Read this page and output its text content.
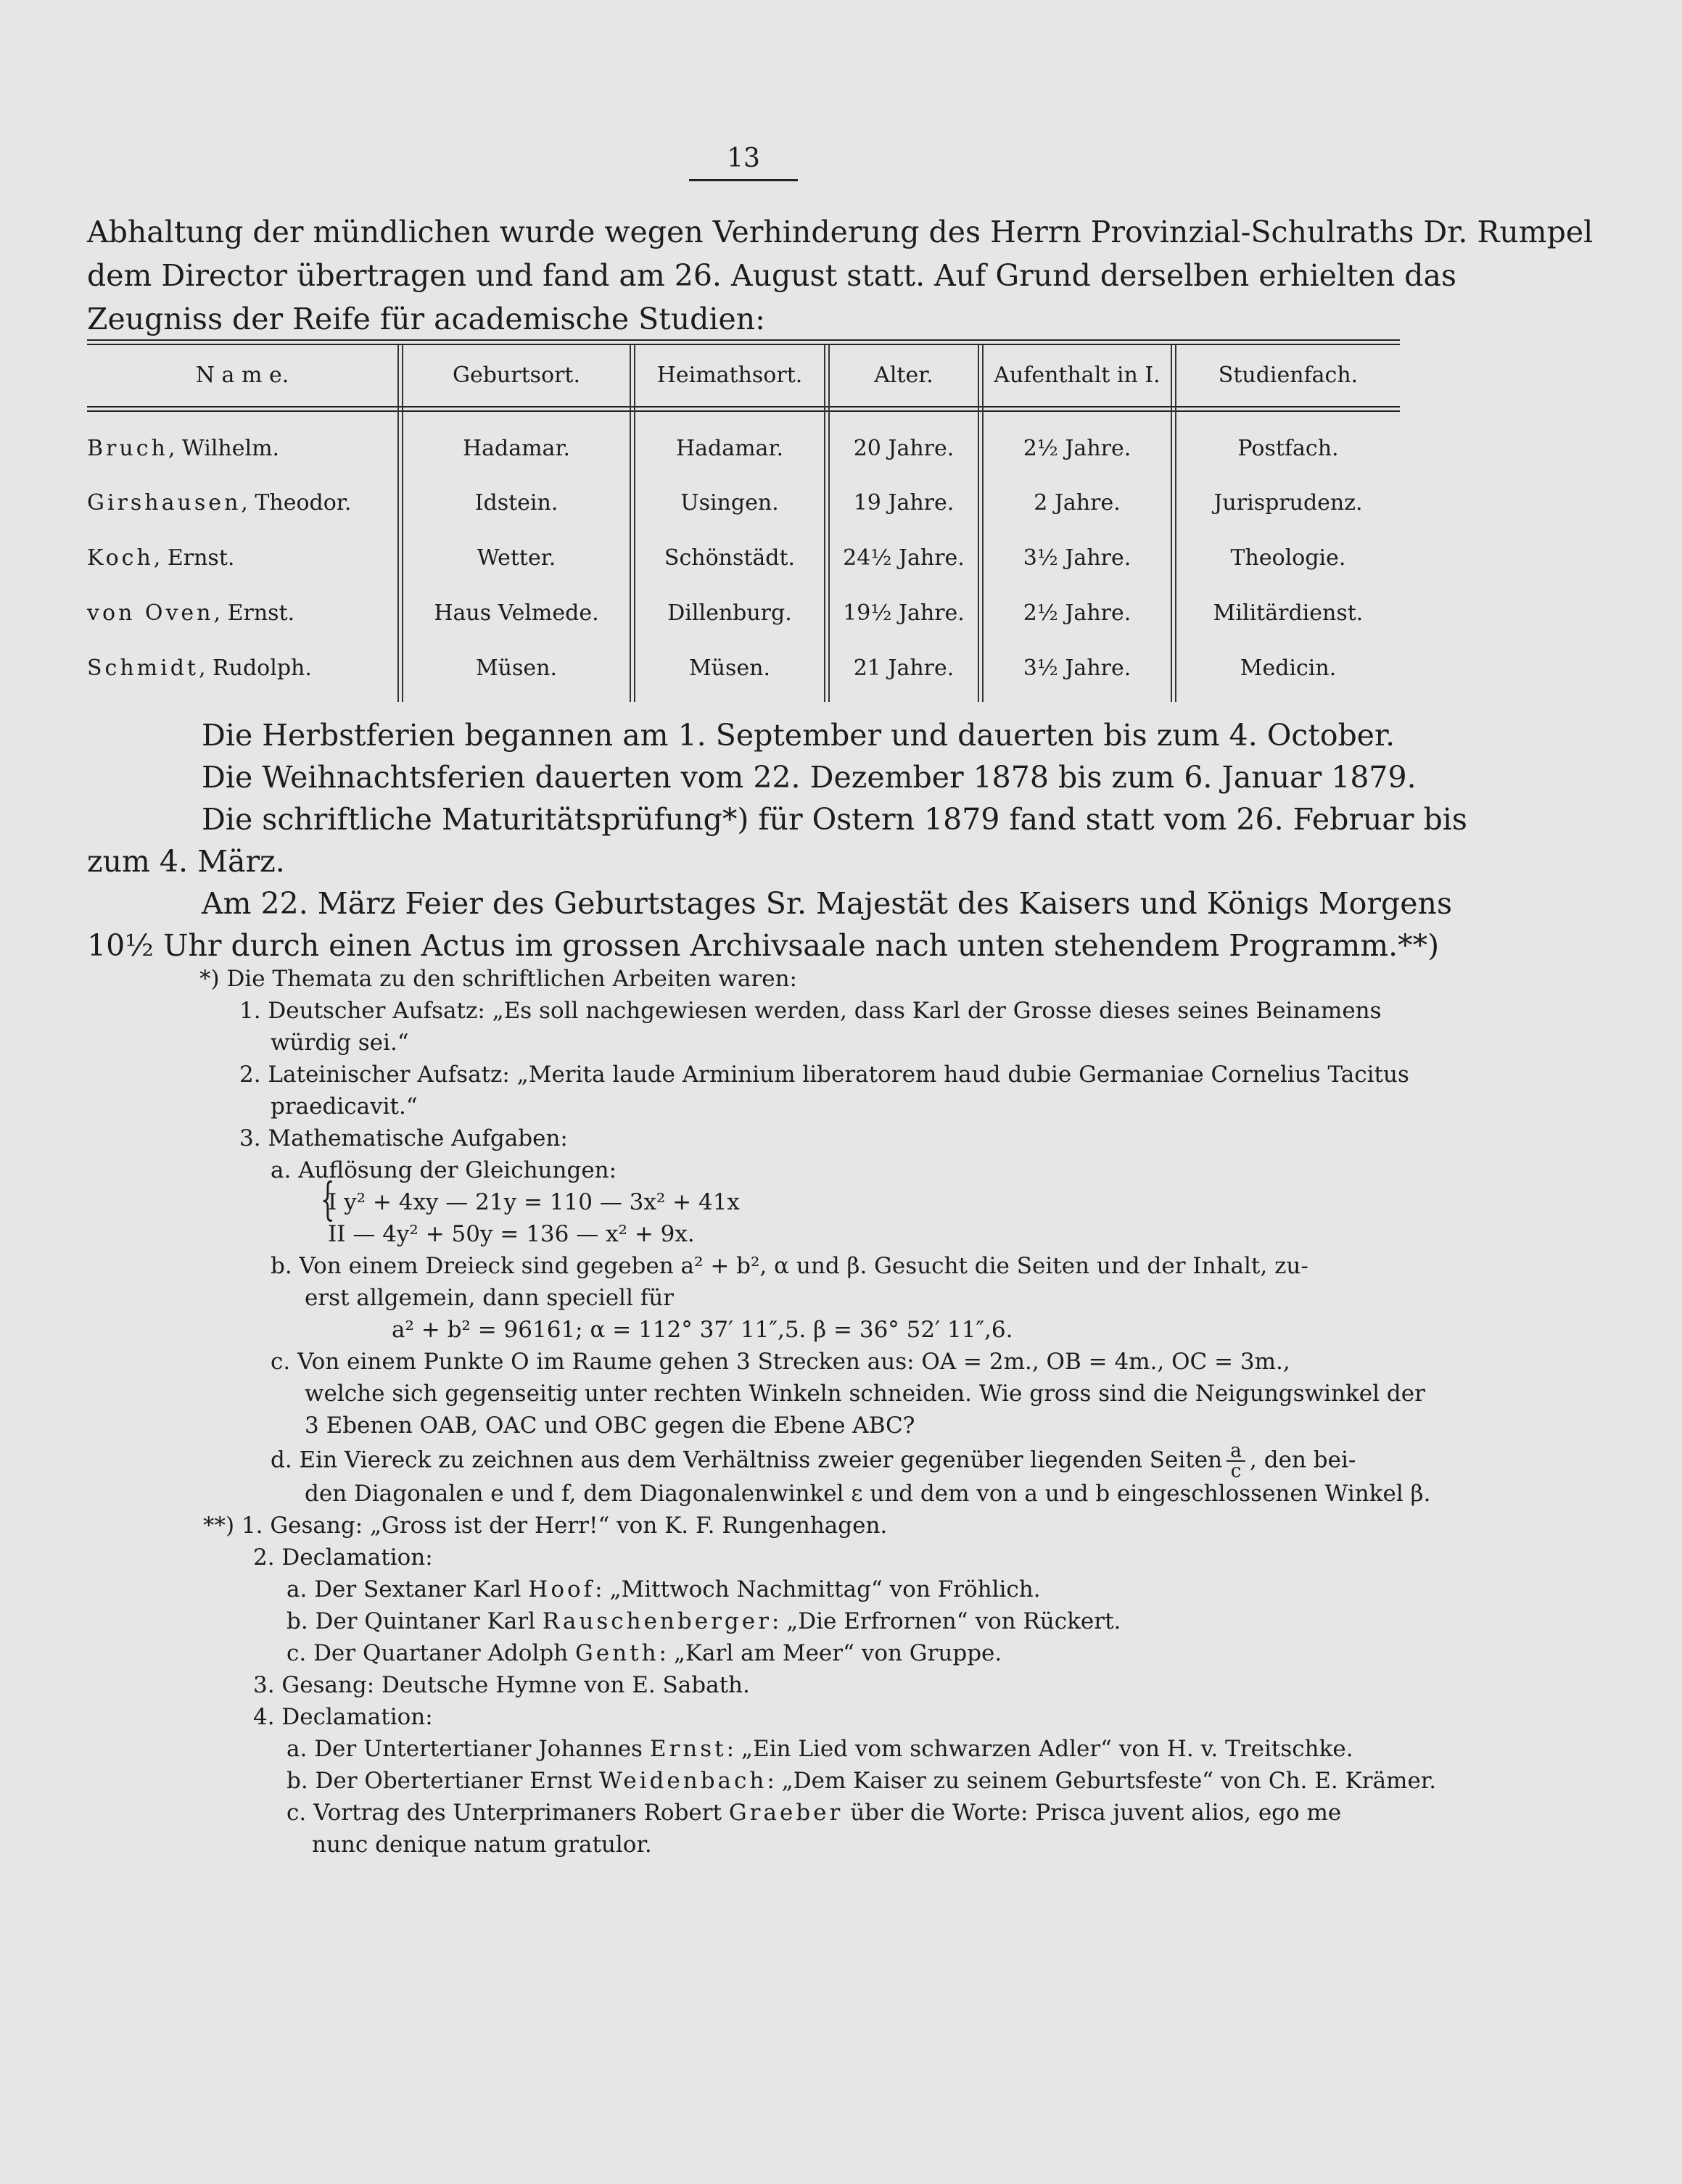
13
Abhaltung der mündlichen wurde wegen Verhinderung des Herrn Provinzial-Schulraths Dr. Rumpel
dem Director übertragen und fand am 26. August statt. Auf Grund derselben erhielten das
Zeugniss der Reife für academische Studien:
N a m e.	Geburtsort.	Heimathsort.	Alter.	Aufenthalt in I.	Studienfach.
Bruch, Wilhelm.	Hadamar.	Hadamar.	20 Jahre.	2½ Jahre.	Postfach.
Girshausen, Theodor.	Idstein.	Usingen.	19 Jahre.	2 Jahre.	Jurisprudenz.
Koch, Ernst.	Wetter.	Schönstädt.	24½ Jahre.	3½ Jahre.	Theologie.
von Oven, Ernst.	Haus Velmede.	Dillenburg.	19½ Jahre.	2½ Jahre.	Militärdienst.
Schmidt, Rudolph.	Müsen.	Müsen.	21 Jahre.	3½ Jahre.	Medicin.
Die Herbstferien begannen am 1. September und dauerten bis zum 4. October.
Die Weihnachtsferien dauerten vom 22. Dezember 1878 bis zum 6. Januar 1879.
Die schriftliche Maturitätsprüfung*) für Ostern 1879 fand statt vom 26. Februar bis
zum 4. März.
Am 22. März Feier des Geburtstages Sr. Majestät des Kaisers und Königs Morgens
10½ Uhr durch einen Actus im grossen Archivsaale nach unten stehendem Programm.**)
*) Die Themata zu den schriftlichen Arbeiten waren:
1. Deutscher Aufsatz: „Es soll nachgewiesen werden, dass Karl der Grosse dieses seines Beinamens
würdig sei.“
2. Lateinischer Aufsatz: „Merita laude Arminium liberatorem haud dubie Germaniae Cornelius Tacitus
praedicavit.“
3. Mathematische Aufgaben:
a. Auflösung der Gleichungen:
{
I y² + 4xy — 21y = 110 — 3x² + 41x
II — 4y² + 50y = 136 — x² + 9x.
b. Von einem Dreieck sind gegeben a² + b², α und β. Gesucht die Seiten und der Inhalt, zu-
erst allgemein, dann speciell für
a² + b² = 96161; α = 112° 37′ 11″,5. β = 36° 52′ 11″,6.
c. Von einem Punkte O im Raume gehen 3 Strecken aus: OA = 2m., OB = 4m., OC = 3m.,
welche sich gegenseitig unter rechten Winkeln schneiden. Wie gross sind die Neigungswinkel der
3 Ebenen OAB, OAC und OBC gegen die Ebene ABC?
d. Ein Viereck zu zeichnen aus dem Verhältniss zweier gegenüber liegenden Seiten $\frac{a}{c}$ , den bei-
den Diagonalen e und f, dem Diagonalenwinkel ε und dem von a und b eingeschlossenen Winkel β.
**) 1. Gesang: „Gross ist der Herr!“ von K. F. Rungenhagen.
2. Declamation:
a. Der Sextaner Karl Hoof: „Mittwoch Nachmittag“ von Fröhlich.
b. Der Quintaner Karl Rauschenberger: „Die Erfrornen“ von Rückert.
c. Der Quartaner Adolph Genth: „Karl am Meer“ von Gruppe.
3. Gesang: Deutsche Hymne von E. Sabath.
4. Declamation:
a. Der Untertertianer Johannes Ernst: „Ein Lied vom schwarzen Adler“ von H. v. Treitschke.
b. Der Obertertianer Ernst Weidenbach: „Dem Kaiser zu seinem Geburtsfeste“ von Ch. E. Krämer.
c. Vortrag des Unterprimaners Robert Graeber über die Worte: Prisca juvent alios, ego me
nunc denique natum gratulor.
